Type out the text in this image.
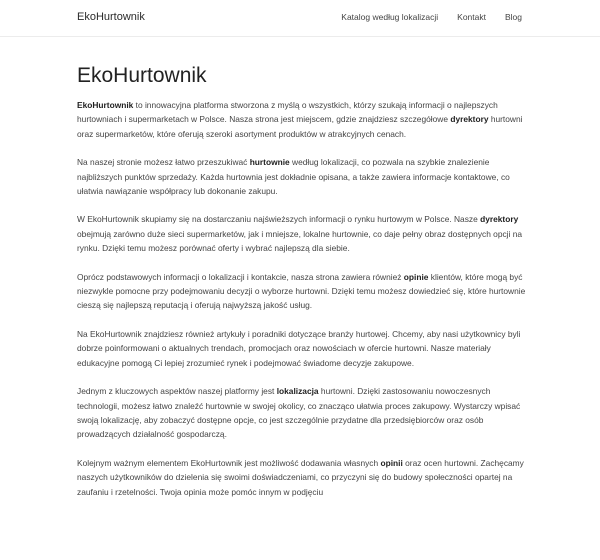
EkoHurtownik	Katalog według lokalizacji Kontakt Blog
EkoHurtownik

EkoHurtownik to innowacyjna platforma stworzona z myślą o wszystkich, którzy szukają informacji o najlepszych hurtowniach i supermarketach w Polsce. Nasza strona jest miejscem, gdzie znajdziesz szczegółowe dyrektory hurtowni oraz supermarketów, które oferują szeroki asortyment produktów w atrakcyjnych cenach.

Na naszej stronie możesz łatwo przeszukiwać hurtownie według lokalizacji, co pozwala na szybkie znalezienie najbliższych punktów sprzedaży. Każda hurtownia jest dokładnie opisana, a także zawiera informacje kontaktowe, co ułatwia nawiązanie współpracy lub dokonanie zakupu.

W EkoHurtownik skupiamy się na dostarczaniu najświeższych informacji o rynku hurtowym w Polsce. Nasze dyrektory obejmują zarówno duże sieci supermarketów, jak i mniejsze, lokalne hurtownie, co daje pełny obraz dostępnych opcji na rynku. Dzięki temu możesz porównać oferty i wybrać najlepszą dla siebie.

Oprócz podstawowych informacji o lokalizacji i kontakcie, nasza strona zawiera również opinie klientów, które mogą być niezwykle pomocne przy podejmowaniu decyzji o wyborze hurtowni. Dzięki temu możesz dowiedzieć się, które hurtownie cieszą się najlepszą reputacją i oferują najwyższą jakość usług.

Na EkoHurtownik znajdziesz również artykuły i poradniki dotyczące branży hurtowej. Chcemy, aby nasi użytkownicy byli dobrze poinformowani o aktualnych trendach, promocjach oraz nowościach w ofercie hurtowni. Nasze materiały edukacyjne pomogą Ci lepiej zrozumieć rynek i podejmować świadome decyzje zakupowe.

Jednym z kluczowych aspektów naszej platformy jest lokalizacja hurtowni. Dzięki zastosowaniu nowoczesnych technologii, możesz łatwo znaleźć hurtownie w swojej okolicy, co znacząco ułatwia proces zakupowy. Wystarczy wpisać swoją lokalizację, aby zobaczyć dostępne opcje, co jest szczególnie przydatne dla przedsiębiorców oraz osób prowadzących działalność gospodarczą.

Kolejnym ważnym elementem EkoHurtownik jest możliwość dodawania własnych opinii oraz ocen hurtowni. Zachęcamy naszych użytkowników do dzielenia się swoimi doświadczeniami, co przyczyni się do budowy społeczności opartej na zaufaniu i rzetelności. Twoja opinia może pomóc innym w podjęciu
